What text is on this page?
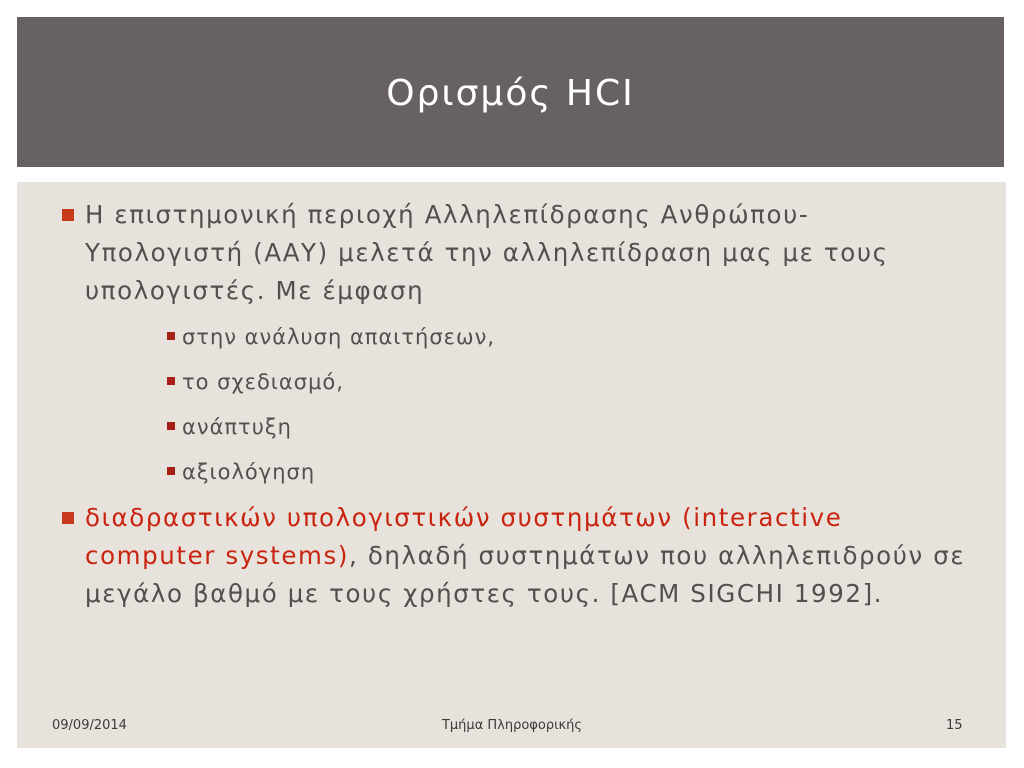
Ορισμός HCI
Η επιστημονική περιοχή Αλληλεπίδρασης Ανθρώπου-Υπολογιστή (ΑΑΥ) μελετά την αλληλεπίδραση μας με τους υπολογιστές. Με έμφαση
στην ανάλυση απαιτήσεων,
το σχεδιασμό,
ανάπτυξη
αξιολόγηση
διαδραστικών υπολογιστικών συστημάτων (interactive computer systems), δηλαδή συστημάτων που αλληλεπιδρούν σε μεγάλο βαθμό με τους χρήστες τους. [ACM SIGCHI 1992].
09/09/2014	Τμήμα Πληροφορικής	15
